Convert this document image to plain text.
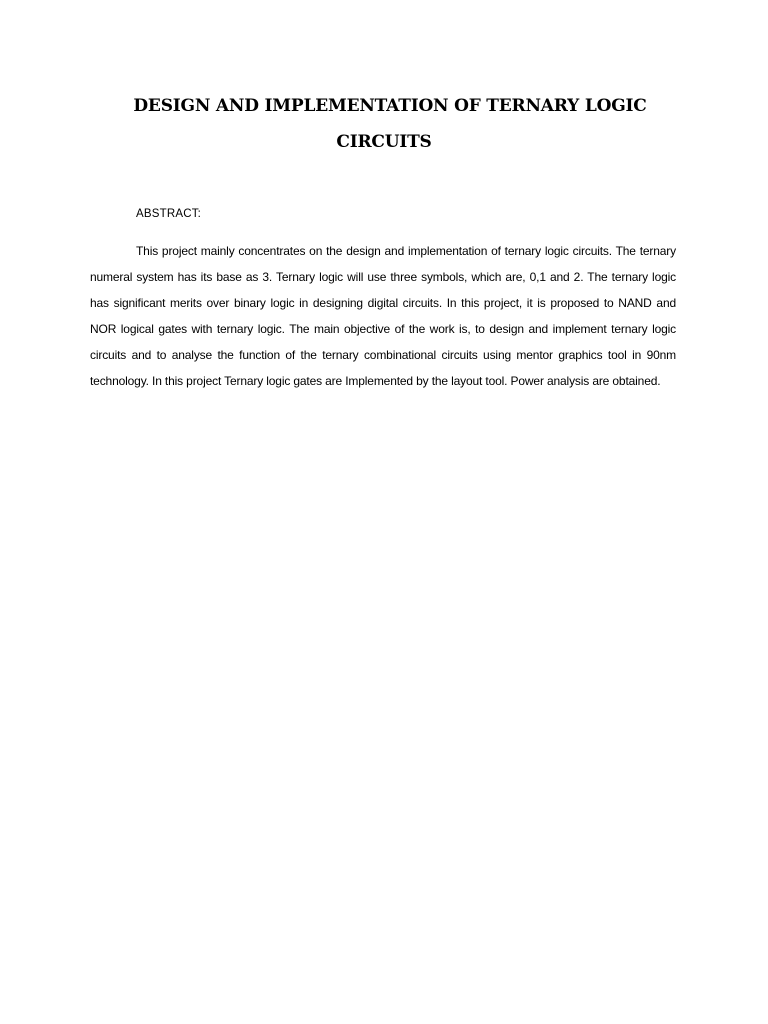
DESIGN AND IMPLEMENTATION OF TERNARY LOGIC
CIRCUITS
ABSTRACT:

This project mainly concentrates on the design and implementation of ternary logic circuits. The ternary numeral system has its base as 3. Ternary logic will use three symbols, which are, 0,1 and 2. The ternary logic has significant merits over binary logic in designing digital circuits. In this project, it is proposed to NAND and NOR logical gates with ternary logic. The main objective of the work is, to design and implement ternary logic circuits and to analyse the function of the ternary combinational circuits using mentor graphics tool in 90nm technology. In this project Ternary logic gates are Implemented by the layout tool. Power analysis are obtained.
